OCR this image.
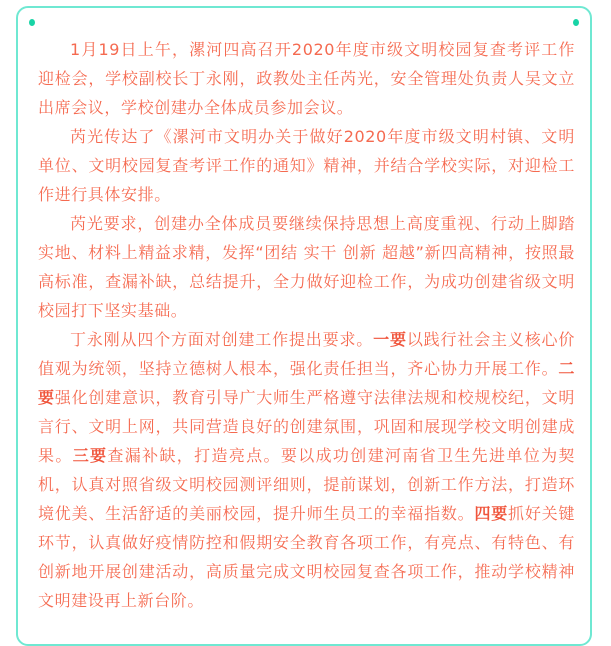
1月19日上午，漯河四高召开2020年度市级文明校园复查考评工作迎检会，学校副校长丁永刚，政教处主任芮光，安全管理处负责人吴文立出席会议，学校创建办全体成员参加会议。

芮光传达了《漯河市文明办关于做好2020年度市级文明村镇、文明单位、文明校园复查考评工作的通知》精神，并结合学校实际，对迎检工作进行具体安排。

芮光要求，创建办全体成员要继续保持思想上高度重视、行动上脚踏实地、材料上精益求精，发挥“团结 实干 创新 超越”新四高精神，按照最高标准，查漏补缺，总结提升，全力做好迎检工作，为成功创建省级文明校园打下坚实基础。

丁永刚从四个方面对创建工作提出要求。一要以践行社会主义核心价值观为统领，坚持立德树人根本，强化责任担当，齐心协力开展工作。二要强化创建意识，教育引导广大师生严格遵守法律法规和校规校纪，文明言行、文明上网，共同营造良好的创建氛围，巩固和展现学校文明创建成果。三要查漏补缺，打造亮点。要以成功创建河南省卫生先进单位为契机，认真对照省级文明校园测评细则，提前谋划，创新工作方法，打造环境优美、生活舒适的美丽校园，提升师生员工的幸福指数。四要抓好关键环节，认真做好疫情防控和假期安全教育各项工作，有亮点、有特色、有创新地开展创建活动，高质量完成文明校园复查各项工作，推动学校精神文明建设再上新台阶。
